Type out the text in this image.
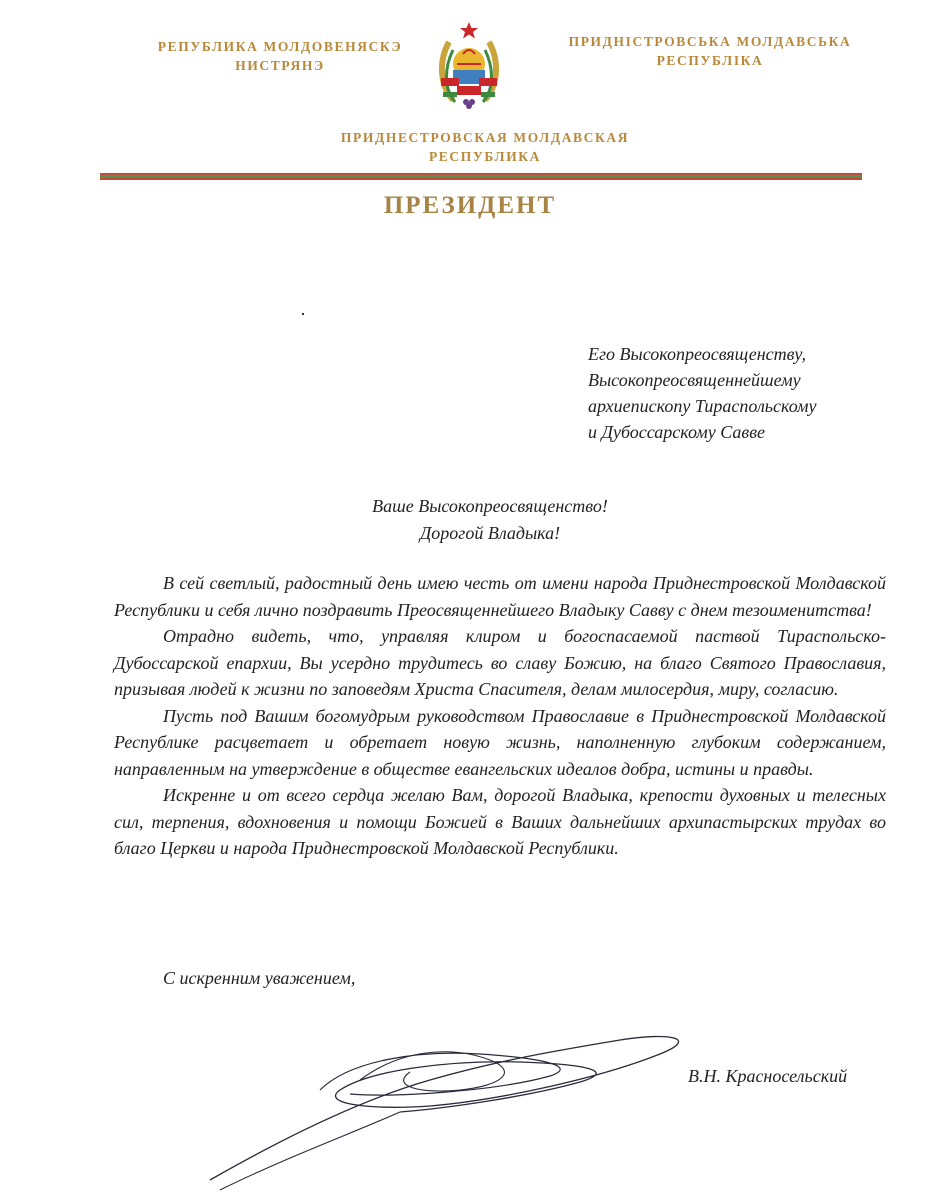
РЕПУБЛИКА МОЛДОВЕНЯСКЭ
НИСТРЯНЭ
ПРИДНІСТРОВСЬКА МОЛДАВСЬКА
РЕСПУБЛІКА
ПРИДНЕСТРОВСКАЯ МОЛДАВСКАЯ
РЕСПУБЛИКА
ПРЕЗИДЕНТ
Его Высокопреосвященству,
Высокопреосвященнейшему
архиепископу Тираспольскому
и Дубоссарскому Савве
Ваше Высокопреосвященство!
Дорогой Владыка!

В сей светлый, радостный день имею честь от имени народа Приднестровской Молдавской Республики и себя лично поздравить Преосвященнейшего Владыку Савву с днем тезоименитства!

Отрадно видеть, что, управляя клиром и богоспасаемой паствой Тираспольско-Дубоссарской епархии, Вы усердно трудитесь во славу Божию, на благо Святого Православия, призывая людей к жизни по заповедям Христа Спасителя, делам милосердия, миру, согласию.

Пусть под Вашим богомудрым руководством Православие в Приднестровской Молдавской Республике расцветает и обретает новую жизнь, наполненную глубоким содержанием, направленным на утверждение в обществе евангельских идеалов добра, истины и правды.

Искренне и от всего сердца желаю Вам, дорогой Владыка, крепости духовных и телесных сил, терпения, вдохновения и помощи Божией в Ваших дальнейших архипастырских трудах во благо Церкви и народа Приднестровской Молдавской Республики.

С искренним уважением,
В.Н. Красносельский
